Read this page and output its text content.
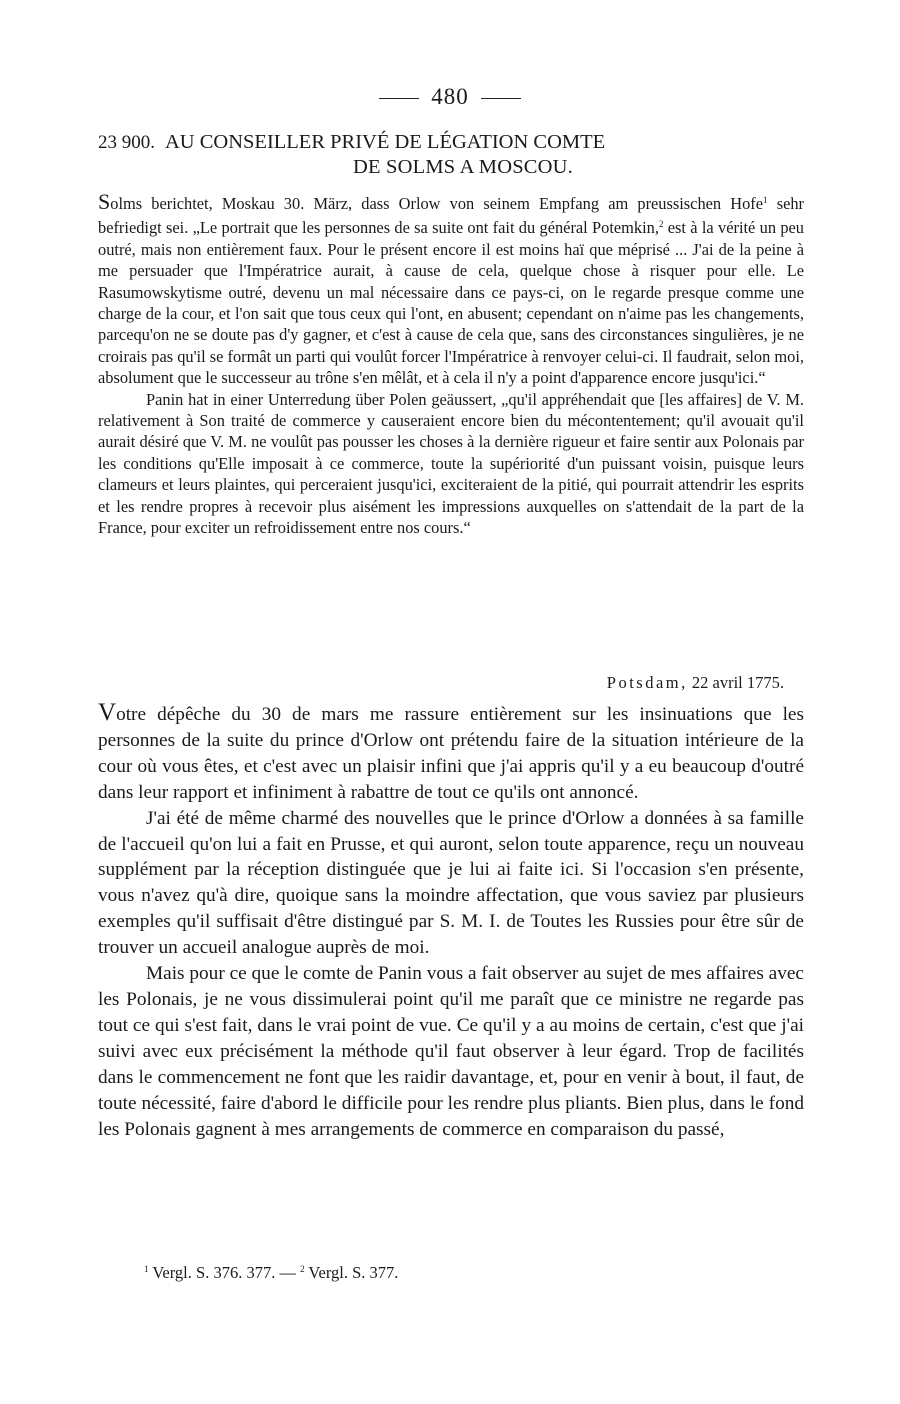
480
23 900. AU CONSEILLER PRIVÉ DE LÉGATION COMTE
DE SOLMS A MOSCOU.

Solms berichtet, Moskau 30. März, dass Orlow von seinem Empfang am preussischen Hofe$^1$ sehr befriedigt sei. „Le portrait que les personnes de sa suite ont fait du général Potemkin,$^2$ est à la vérité un peu outré, mais non entièrement faux. Pour le présent encore il est moins haï que méprisé ... J'ai de la peine à me persuader que l'Impératrice aurait, à cause de cela, quelque chose à risquer pour elle. Le Rasumowskytisme outré, devenu un mal nécessaire dans ce pays-ci, on le regarde presque comme une charge de la cour, et l'on sait que tous ceux qui l'ont, en abusent; cependant on n'aime pas les changements, parcequ'on ne se doute pas d'y gagner, et c'est à cause de cela que, sans des circonstances singulières, je ne croirais pas qu'il se formât un parti qui voulût forcer l'Impératrice à renvoyer celui-ci. Il faudrait, selon moi, absolument que le successeur au trône s'en mêlât, et à cela il n'y a point d'apparence encore jusqu'ici.“

Panin hat in einer Unterredung über Polen geäussert, „qu'il appréhendait que [les affaires] de V. M. relativement à Son traité de commerce y causeraient encore bien du mécontentement; qu'il avouait qu'il aurait désiré que V. M. ne voulût pas pousser les choses à la dernière rigueur et faire sentir aux Polonais par les conditions qu'Elle imposait à ce commerce, toute la supériorité d'un puissant voisin, puisque leurs clameurs et leurs plaintes, qui perceraient jusqu'ici, exciteraient de la pitié, qui pourrait attendrir les esprits et les rendre propres à recevoir plus aisément les impressions auxquelles on s'attendait de la part de la France, pour exciter un refroidissement entre nos cours.“

Potsdam, 22 avril 1775.

Votre dépêche du 30 de mars me rassure entièrement sur les insinuations que les personnes de la suite du prince d'Orlow ont prétendu faire de la situation intérieure de la cour où vous êtes, et c'est avec un plaisir infini que j'ai appris qu'il y a eu beaucoup d'outré dans leur rapport et infiniment à rabattre de tout ce qu'ils ont annoncé.

J'ai été de même charmé des nouvelles que le prince d'Orlow a données à sa famille de l'accueil qu'on lui a fait en Prusse, et qui auront, selon toute apparence, reçu un nouveau supplément par la réception distinguée que je lui ai faite ici. Si l'occasion s'en présente, vous n'avez qu'à dire, quoique sans la moindre affectation, que vous saviez par plusieurs exemples qu'il suffisait d'être distingué par S. M. I. de Toutes les Russies pour être sûr de trouver un accueil analogue auprès de moi.

Mais pour ce que le comte de Panin vous a fait observer au sujet de mes affaires avec les Polonais, je ne vous dissimulerai point qu'il me paraît que ce ministre ne regarde pas tout ce qui s'est fait, dans le vrai point de vue. Ce qu'il y a au moins de certain, c'est que j'ai suivi avec eux précisément la méthode qu'il faut observer à leur égard. Trop de facilités dans le commencement ne font que les raidir davantage, et, pour en venir à bout, il faut, de toute nécessité, faire d'abord le difficile pour les rendre plus pliants. Bien plus, dans le fond les Polonais gagnent à mes arrangements de commerce en comparaison du passé,

$^1$ Vergl. S. 376. 377. — $^2$ Vergl. S. 377.
